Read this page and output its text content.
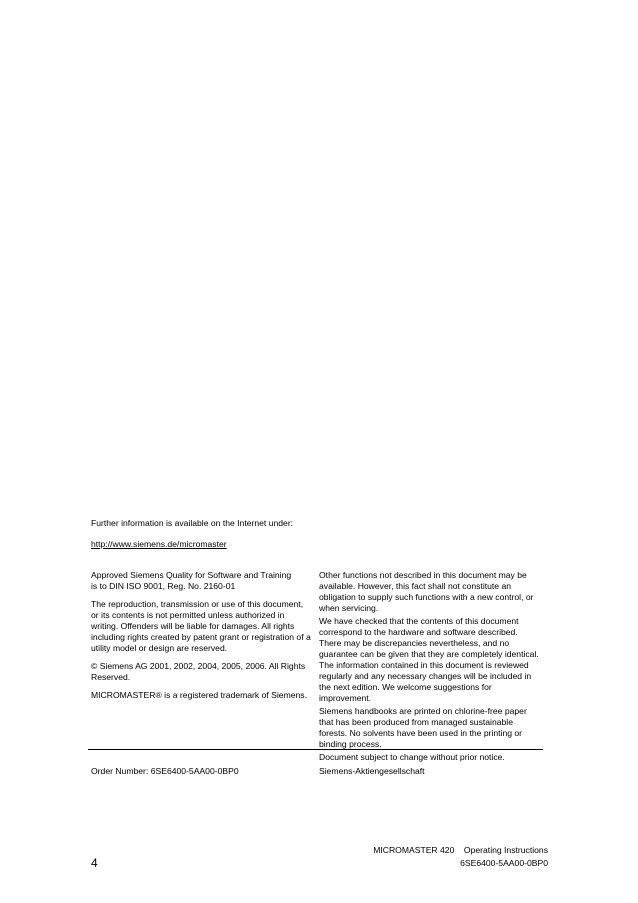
Further information is available on the Internet under:
http://www.siemens.de/micromaster

Approved Siemens Quality for Software and Training
is to DIN ISO 9001, Reg. No. 2160-01

The reproduction, transmission or use of this document,
or its contents is not permitted unless authorized in
writing. Offenders will be liable for damages. All rights
including rights created by patent grant or registration of a
utility model or design are reserved.

© Siemens AG 2001, 2002, 2004, 2005, 2006. All Rights
Reserved.

MICROMASTER® is a registered trademark of Siemens.

Other functions not described in this document may be
available. However, this fact shall not constitute an
obligation to supply such functions with a new control, or
when servicing.

We have checked that the contents of this document
correspond to the hardware and software described.
There may be discrepancies nevertheless, and no
guarantee can be given that they are completely identical.
The information contained in this document is reviewed
regularly and any necessary changes will be included in
the next edition. We welcome suggestions for
improvement.

Siemens handbooks are printed on chlorine-free paper
that has been produced from managed sustainable
forests. No solvents have been used in the printing or
binding process.

Document subject to change without prior notice.

Order Number: 6SE6400-5AA00-0BP0	Siemens-Aktiengesellschaft
4
MICROMASTER 420    Operating Instructions
6SE6400-5AA00-0BP0
